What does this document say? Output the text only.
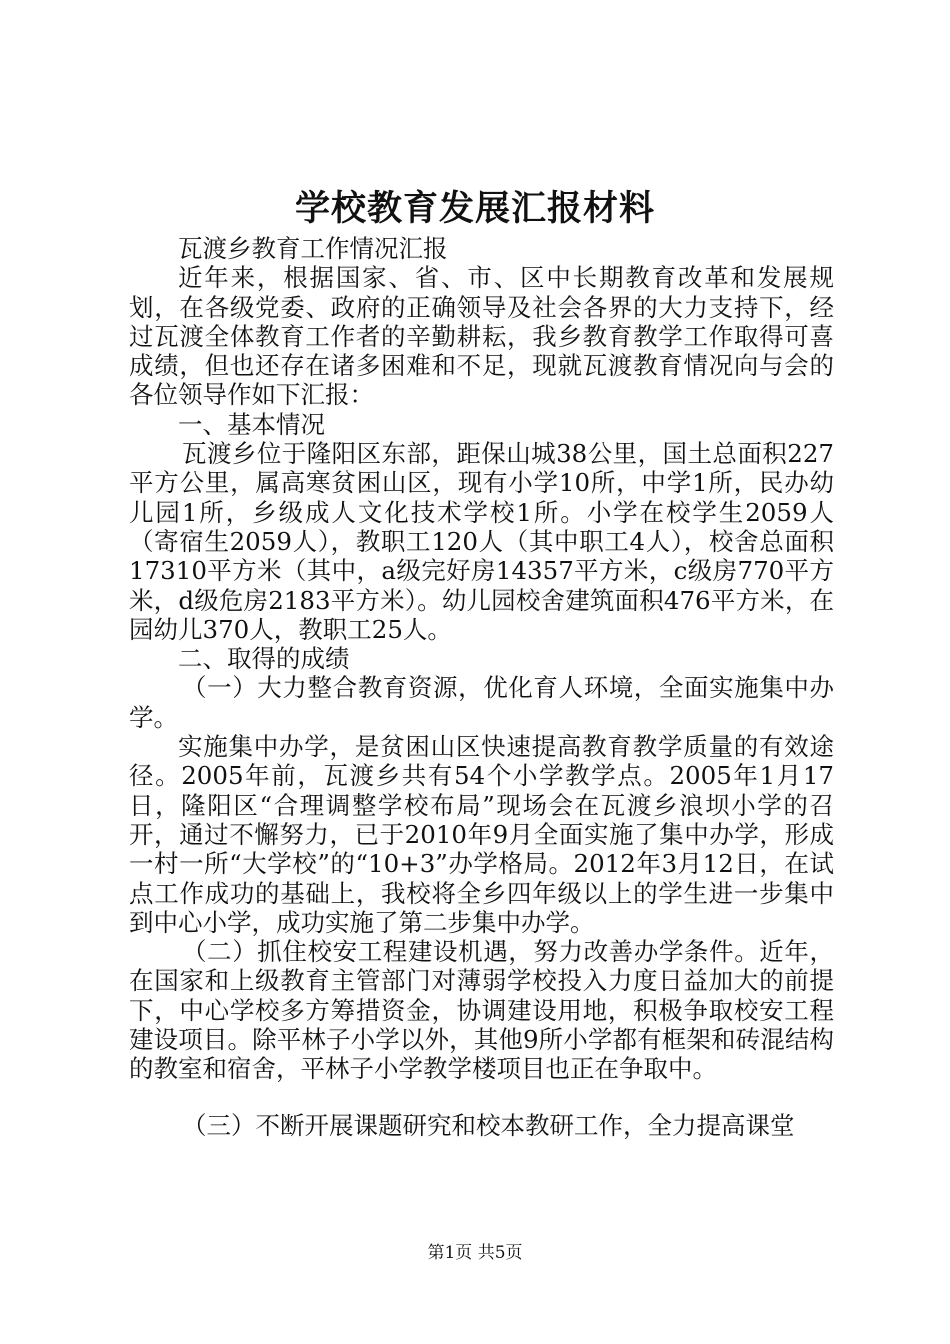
学校教育发展汇报材料

瓦渡乡教育工作情况汇报

近年来，根据国家、省、市、区中长期教育改革和发展规划，在各级党委、政府的正确领导及社会各界的大力支持下，经过瓦渡全体教育工作者的辛勤耕耘，我乡教育教学工作取得可喜成绩，但也还存在诸多困难和不足，现就瓦渡教育情况向与会的各位领导作如下汇报：

一、基本情况

瓦渡乡位于隆阳区东部，距保山城38公里，国土总面积227平方公里，属高寒贫困山区，现有小学10所，中学1所，民办幼儿园1所，乡级成人文化技术学校1所。小学在校学生2059人（寄宿生2059人），教职工120人（其中职工4人），校舍总面积17310平方米（其中，a级完好房14357平方米，c级房770平方米，d级危房2183平方米）。幼儿园校舍建筑面积476平方米，在园幼儿370人，教职工25人。

二、取得的成绩

（一）大力整合教育资源，优化育人环境，全面实施集中办学。

实施集中办学，是贫困山区快速提高教育教学质量的有效途径。2005年前，瓦渡乡共有54个小学教学点。2005年1月17日，隆阳区“合理调整学校布局”现场会在瓦渡乡浪坝小学的召开，通过不懈努力，已于2010年9月全面实施了集中办学，形成一村一所“大学校”的“10+3”办学格局。2012年3月12日，在试点工作成功的基础上，我校将全乡四年级以上的学生进一步集中到中心小学，成功实施了第二步集中办学。

（二）抓住校安工程建设机遇，努力改善办学条件。近年，在国家和上级教育主管部门对薄弱学校投入力度日益加大的前提下，中心学校多方筹措资金，协调建设用地，积极争取校安工程建设项目。除平林子小学以外，其他9所小学都有框架和砖混结构的教室和宿舍，平林子小学教学楼项目也正在争取中。

（三）不断开展课题研究和校本教研工作，全力提高课堂

第1页 共5页
